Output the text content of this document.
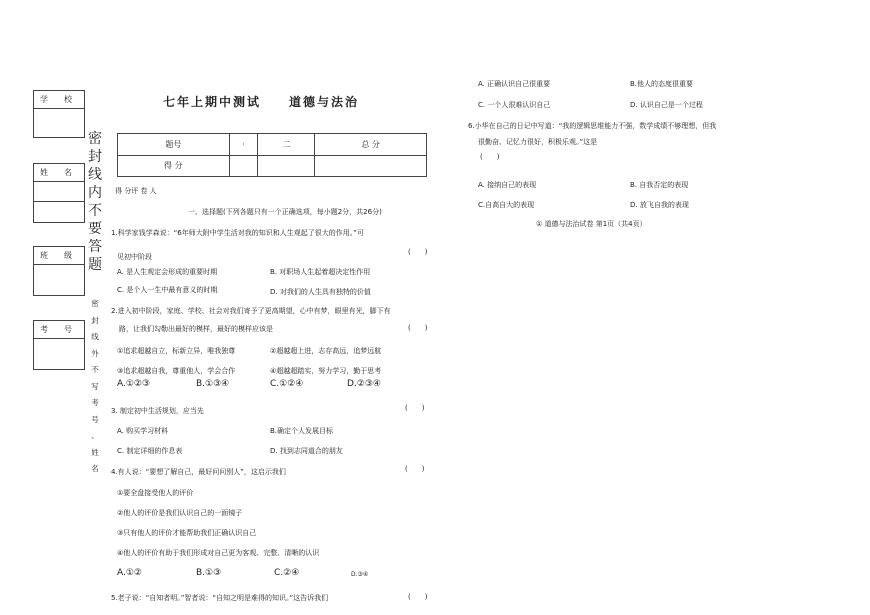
学　　校
姓　　名
班　　级
考　　号
密
封
线
内
不
要
答
题
密
封
线
外
不
写
考
号
、
姓
名
七年上期中测试　　道德与法治
题号	·	二	总 分
得 分			
得 分评 卷 人
一、选择题(下列各题只有一个正确选项，每小题2分，共26分)
1.科学家钱学森说：“6年师大附中学生活对我的知识和人生观起了很大的作用。”可
(　　)
见初中阶段
A. 是人生观定会形成的重要时期	B. 对职场人生起着超决定性作用
C. 是个人一生中最有意义的时期	D. 对我们的人生具有独特的价值
2.进入初中阶段，家庭、学校、社会对我们寄予了更高期望，心中有梦，眼里有光，脚下有
路，让我们勾勒出最好的模样，最好的模样应该是	(　　)
①追求超越自立，标新立异，唯我独尊	②超越超上进，志存高远，追梦远航
③追求超越自我，尊重他人，学会合作	④超越超踏实，努力学习，勤于思考
A.①②③	B.①③④	C.①②④	D.②③④
3. 制定初中生活规划，应当先	(　　)
A. 购买学习材料	B.确定个人发展目标
C. 制定详细的作息表	D. 找到志同道合的朋友
4.有人说：“要想了解自己，最好问问别人”，这启示我们	(　　)
①要全盘接受他人的评价
②他人的评价是我们认识自己的一面镜子
③只有他人的评价才能帮助我们正确认识自己
④他人的评价有助于我们形成对自己更为客观、完整、清晰的认识
A.①②	B.①③	C.②④	D.③④
5.老子说：“自知者明。”智者说：“自知之明是难得的知识。”这告诉我们	(　　)
A. 正确认识自己很重要	B.他人的态度很重要
C. 一个人很难认识自己	D. 认识自己是一个过程
6.小华在自己的日记中写道：“我的逻辑思维能力不强，数学成绩不够理想，但我
很勤奋、记忆力很好，积极乐观。”这是
(　　)
A. 接纳自己的表现	B. 自我否定的表现
C.自高自大的表现	D. 放飞自我的表现
① 道德与法治试卷 第1页（共4页）
